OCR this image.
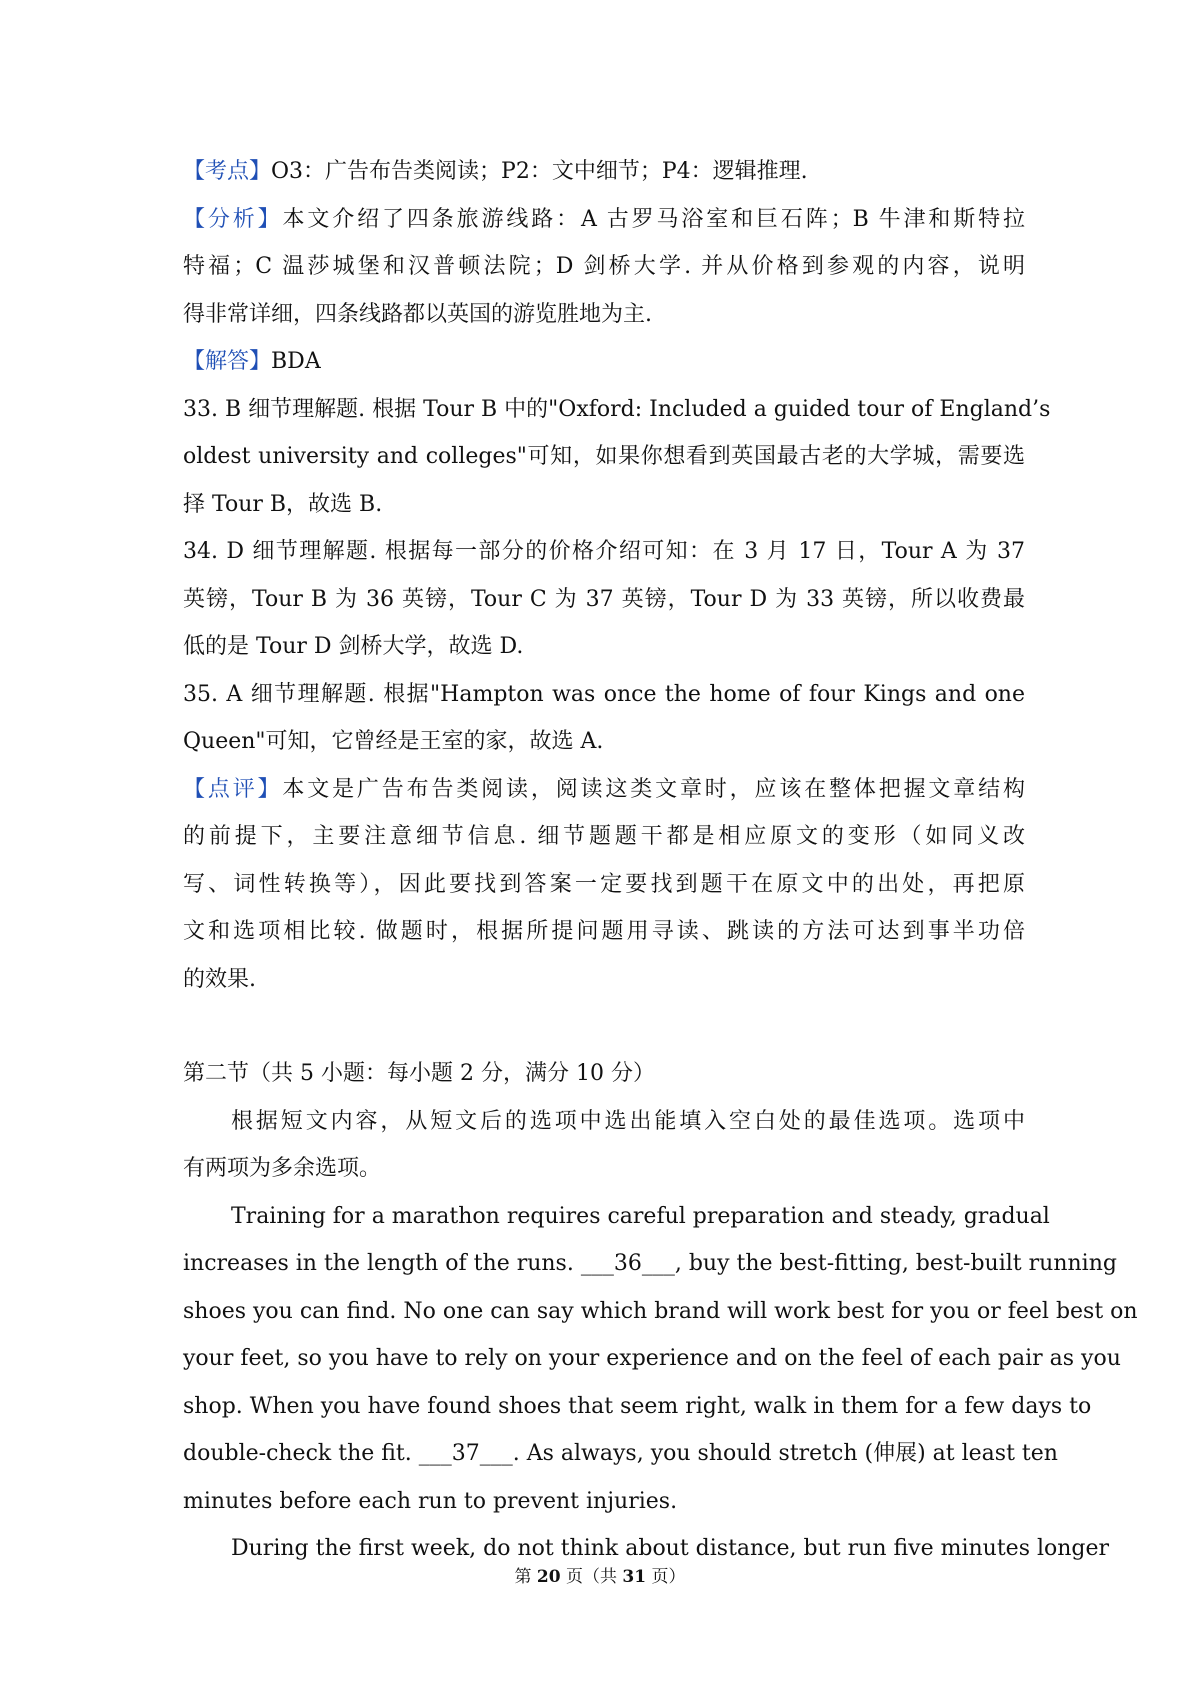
【考点】O3：广告布告类阅读；P2：文中细节；P4：逻辑推理.
【分析】本文介绍了四条旅游线路：A 古罗马浴室和巨石阵；B 牛津和斯特拉
特福；C 温莎城堡和汉普顿法院；D 剑桥大学. 并从价格到参观的内容，说明
得非常详细，四条线路都以英国的游览胜地为主.
【解答】BDA
33. B 细节理解题. 根据 Tour B 中的"Oxford: Included a guided tour of England’s
oldest university and colleges"可知，如果你想看到英国最古老的大学城，需要选
择 Tour B，故选 B.
34. D 细节理解题. 根据每一部分的价格介绍可知：在 3 月 17 日，Tour A 为 37
英镑，Tour B 为 36 英镑，Tour C 为 37 英镑，Tour D 为 33 英镑，所以收费最
低的是 Tour D 剑桥大学，故选 D.
35. A 细节理解题. 根据"Hampton was once the home of four Kings and one
Queen"可知，它曾经是王室的家，故选 A.
【点评】本文是广告布告类阅读，阅读这类文章时，应该在整体把握文章结构
的前提下，主要注意细节信息. 细节题题干都是相应原文的变形（如同义改
写、词性转换等），因此要找到答案一定要找到题干在原文中的出处，再把原
文和选项相比较. 做题时，根据所提问题用寻读、跳读的方法可达到事半功倍
的效果.
第二节（共 5 小题：每小题 2 分，满分 10 分）
根据短文内容，从短文后的选项中选出能填入空白处的最佳选项。选项中
有两项为多余选项。
Training for a marathon requires careful preparation and steady, gradual
increases in the length of the runs. ___36___, buy the best-fitting, best-built running
shoes you can find. No one can say which brand will work best for you or feel best on
your feet, so you have to rely on your experience and on the feel of each pair as you
shop. When you have found shoes that seem right, walk in them for a few days to
double-check the fit. ___37___. As always, you should stretch (伸展) at least ten
minutes before each run to prevent injuries.
During the first week, do not think about distance, but run five minutes longer
第 20 页（共 31 页）
